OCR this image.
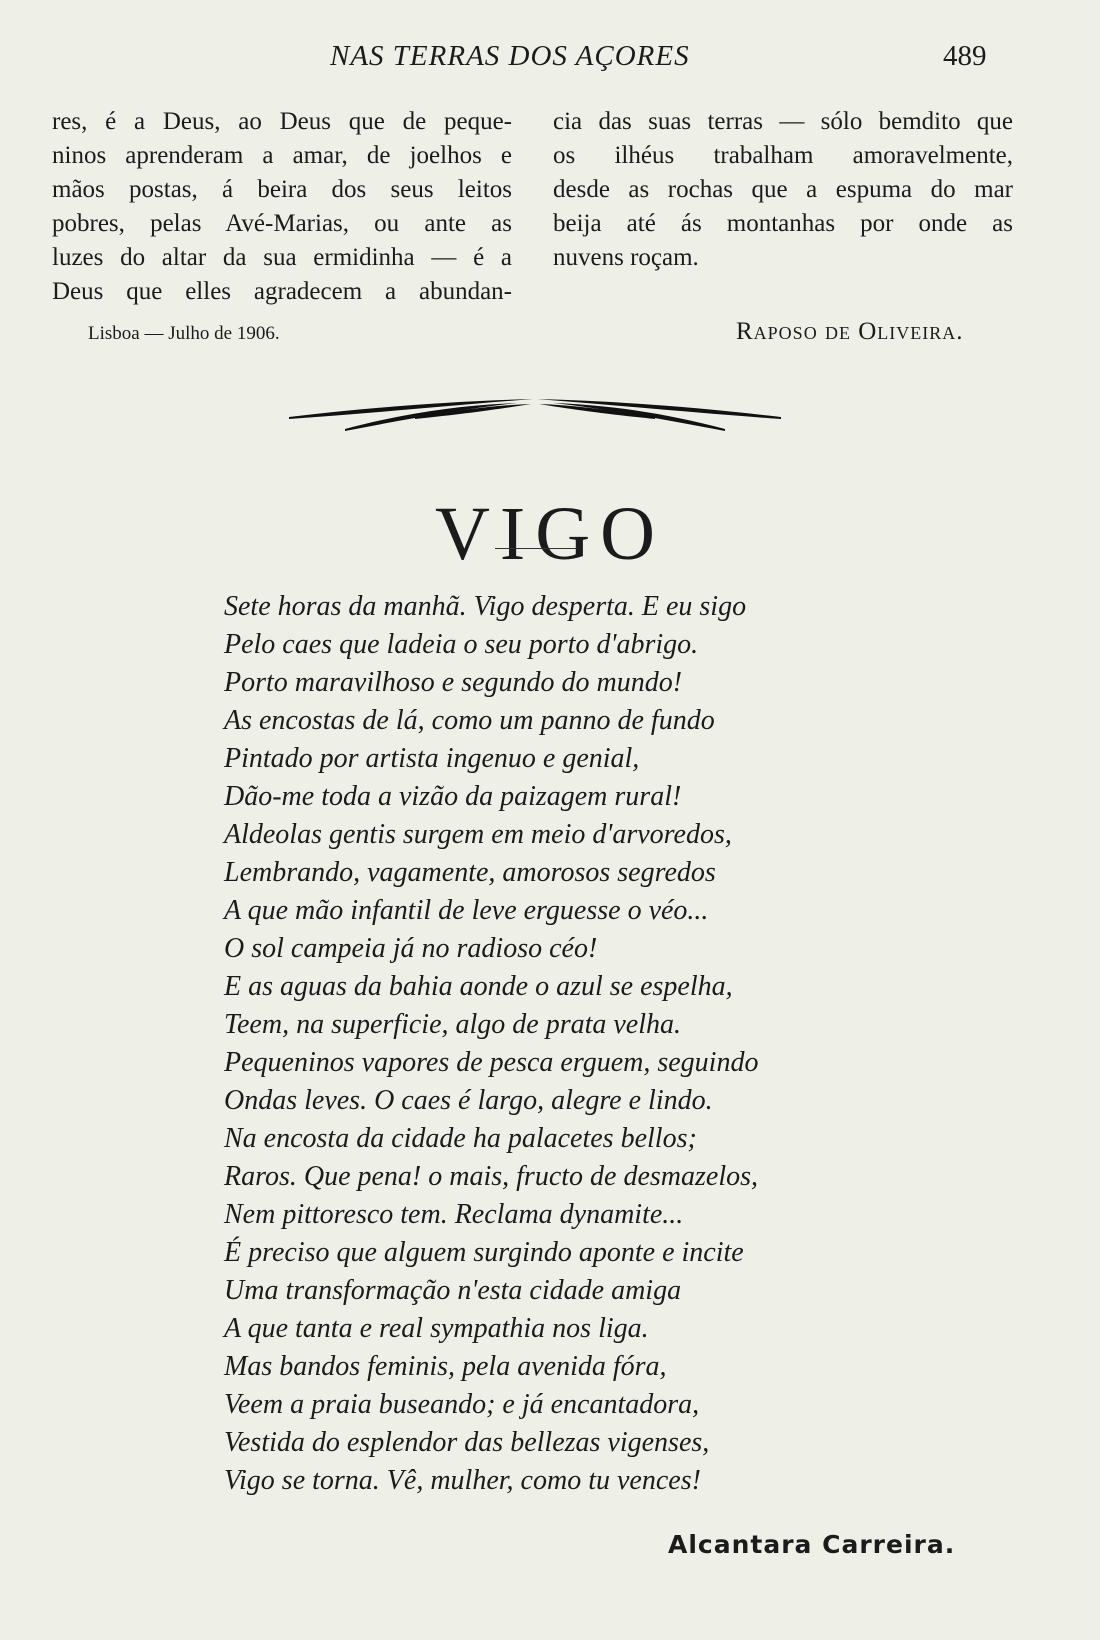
NAS TERRAS DOS AÇORES	489
res, é a Deus, ao Deus que de peque-
ninos aprenderam a amar, de joelhos e
mãos postas, á beira dos seus leitos
pobres, pelas Avé-Marias, ou ante as
luzes do altar da sua ermidinha — é a
Deus que elles agradecem a abundan-
cia das suas terras — sólo bemdito que
os ilhéus trabalham amoravelmente,
desde as rochas que a espuma do mar
beija até ás montanhas por onde as
nuvens roçam.
Lisboa — Julho de 1906.	Raposo de Oliveira.
VIGO
Sete horas da manhã. Vigo desperta. E eu sigo
Pelo caes que ladeia o seu porto d'abrigo.
Porto maravilhoso e segundo do mundo!
As encostas de lá, como um panno de fundo
Pintado por artista ingenuo e genial,
Dão-me toda a vizão da paizagem rural!
Aldeolas gentis surgem em meio d'arvoredos,
Lembrando, vagamente, amorosos segredos
A que mão infantil de leve erguesse o véo...
O sol campeia já no radioso céo!
E as aguas da bahia aonde o azul se espelha,
Teem, na superficie, algo de prata velha.
Pequeninos vapores de pesca erguem, seguindo
Ondas leves. O caes é largo, alegre e lindo.
Na encosta da cidade ha palacetes bellos;
Raros. Que pena! o mais, fructo de desmazelos,
Nem pittoresco tem. Reclama dynamite...
É preciso que alguem surgindo aponte e incite
Uma transformação n'esta cidade amiga
A que tanta e real sympathia nos liga.
Mas bandos feminis, pela avenida fóra,
Veem a praia buseando; e já encantadora,
Vestida do esplendor das bellezas vigenses,
Vigo se torna. Vê, mulher, como tu vences!
Alcantara Carreira.
